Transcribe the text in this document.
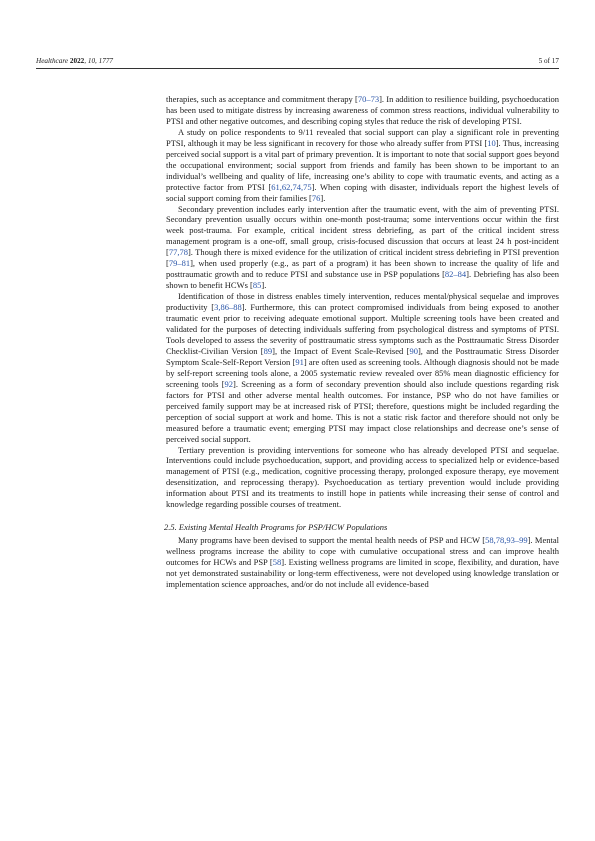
Healthcare 2022, 10, 1777	5 of 17

therapies, such as acceptance and commitment therapy [70–73]. In addition to resilience building, psychoeducation has been used to mitigate distress by increasing awareness of common stress reactions, individual vulnerability to PTSI and other negative outcomes, and describing coping styles that reduce the risk of developing PTSI.

A study on police respondents to 9/11 revealed that social support can play a significant role in preventing PTSI, although it may be less significant in recovery for those who already suffer from PTSI [10]. Thus, increasing perceived social support is a vital part of primary prevention. It is important to note that social support goes beyond the occupational environment; social support from friends and family has been shown to be important to an individual’s wellbeing and quality of life, increasing one’s ability to cope with traumatic events, and acting as a protective factor from PTSI [61,62,74,75]. When coping with disaster, individuals report the highest levels of social support coming from their families [76].

Secondary prevention includes early intervention after the traumatic event, with the aim of preventing PTSI. Secondary prevention usually occurs within one-month post-trauma; some interventions occur within the first week post-trauma. For example, critical incident stress debriefing, as part of the critical incident stress management program is a one-off, small group, crisis-focused discussion that occurs at least 24 h post-incident [77,78]. Though there is mixed evidence for the utilization of critical incident stress debriefing in PTSI prevention [79–81], when used properly (e.g., as part of a program) it has been shown to increase the quality of life and posttraumatic growth and to reduce PTSI and substance use in PSP populations [82–84]. Debriefing has also been shown to benefit HCWs [85].

Identification of those in distress enables timely intervention, reduces mental/physical sequelae and improves productivity [3,86–88]. Furthermore, this can protect compromised individuals from being exposed to another traumatic event prior to receiving adequate emotional support. Multiple screening tools have been created and validated for the purposes of detecting individuals suffering from psychological distress and symptoms of PTSI. Tools developed to assess the severity of posttraumatic stress symptoms such as the Posttraumatic Stress Disorder Checklist-Civilian Version [89], the Impact of Event Scale-Revised [90], and the Posttraumatic Stress Disorder Symptom Scale-Self-Report Version [91] are often used as screening tools. Although diagnosis should not be made by self-report screening tools alone, a 2005 systematic review revealed over 85% mean diagnostic efficiency for screening tools [92]. Screening as a form of secondary prevention should also include questions regarding risk factors for PTSI and other adverse mental health outcomes. For instance, PSP who do not have families or perceived family support may be at increased risk of PTSI; therefore, questions might be included regarding the perception of social support at work and home. This is not a static risk factor and therefore should not only be measured before a traumatic event; emerging PTSI may impact close relationships and decrease one’s sense of perceived social support.

Tertiary prevention is providing interventions for someone who has already developed PTSI and sequelae. Interventions could include psychoeducation, support, and providing access to specialized help or evidence-based management of PTSI (e.g., medication, cognitive processing therapy, prolonged exposure therapy, eye movement desensitization, and reprocessing therapy). Psychoeducation as tertiary prevention would include providing information about PTSI and its treatments to instill hope in patients while increasing their sense of control and knowledge regarding possible courses of treatment.

2.5. Existing Mental Health Programs for PSP/HCW Populations

Many programs have been devised to support the mental health needs of PSP and HCW [58,78,93–99]. Mental wellness programs increase the ability to cope with cumulative occupational stress and can improve health outcomes for HCWs and PSP [58]. Existing wellness programs are limited in scope, flexibility, and duration, have not yet demonstrated sustainability or long-term effectiveness, were not developed using knowledge translation or implementation science approaches, and/or do not include all evidence-based
